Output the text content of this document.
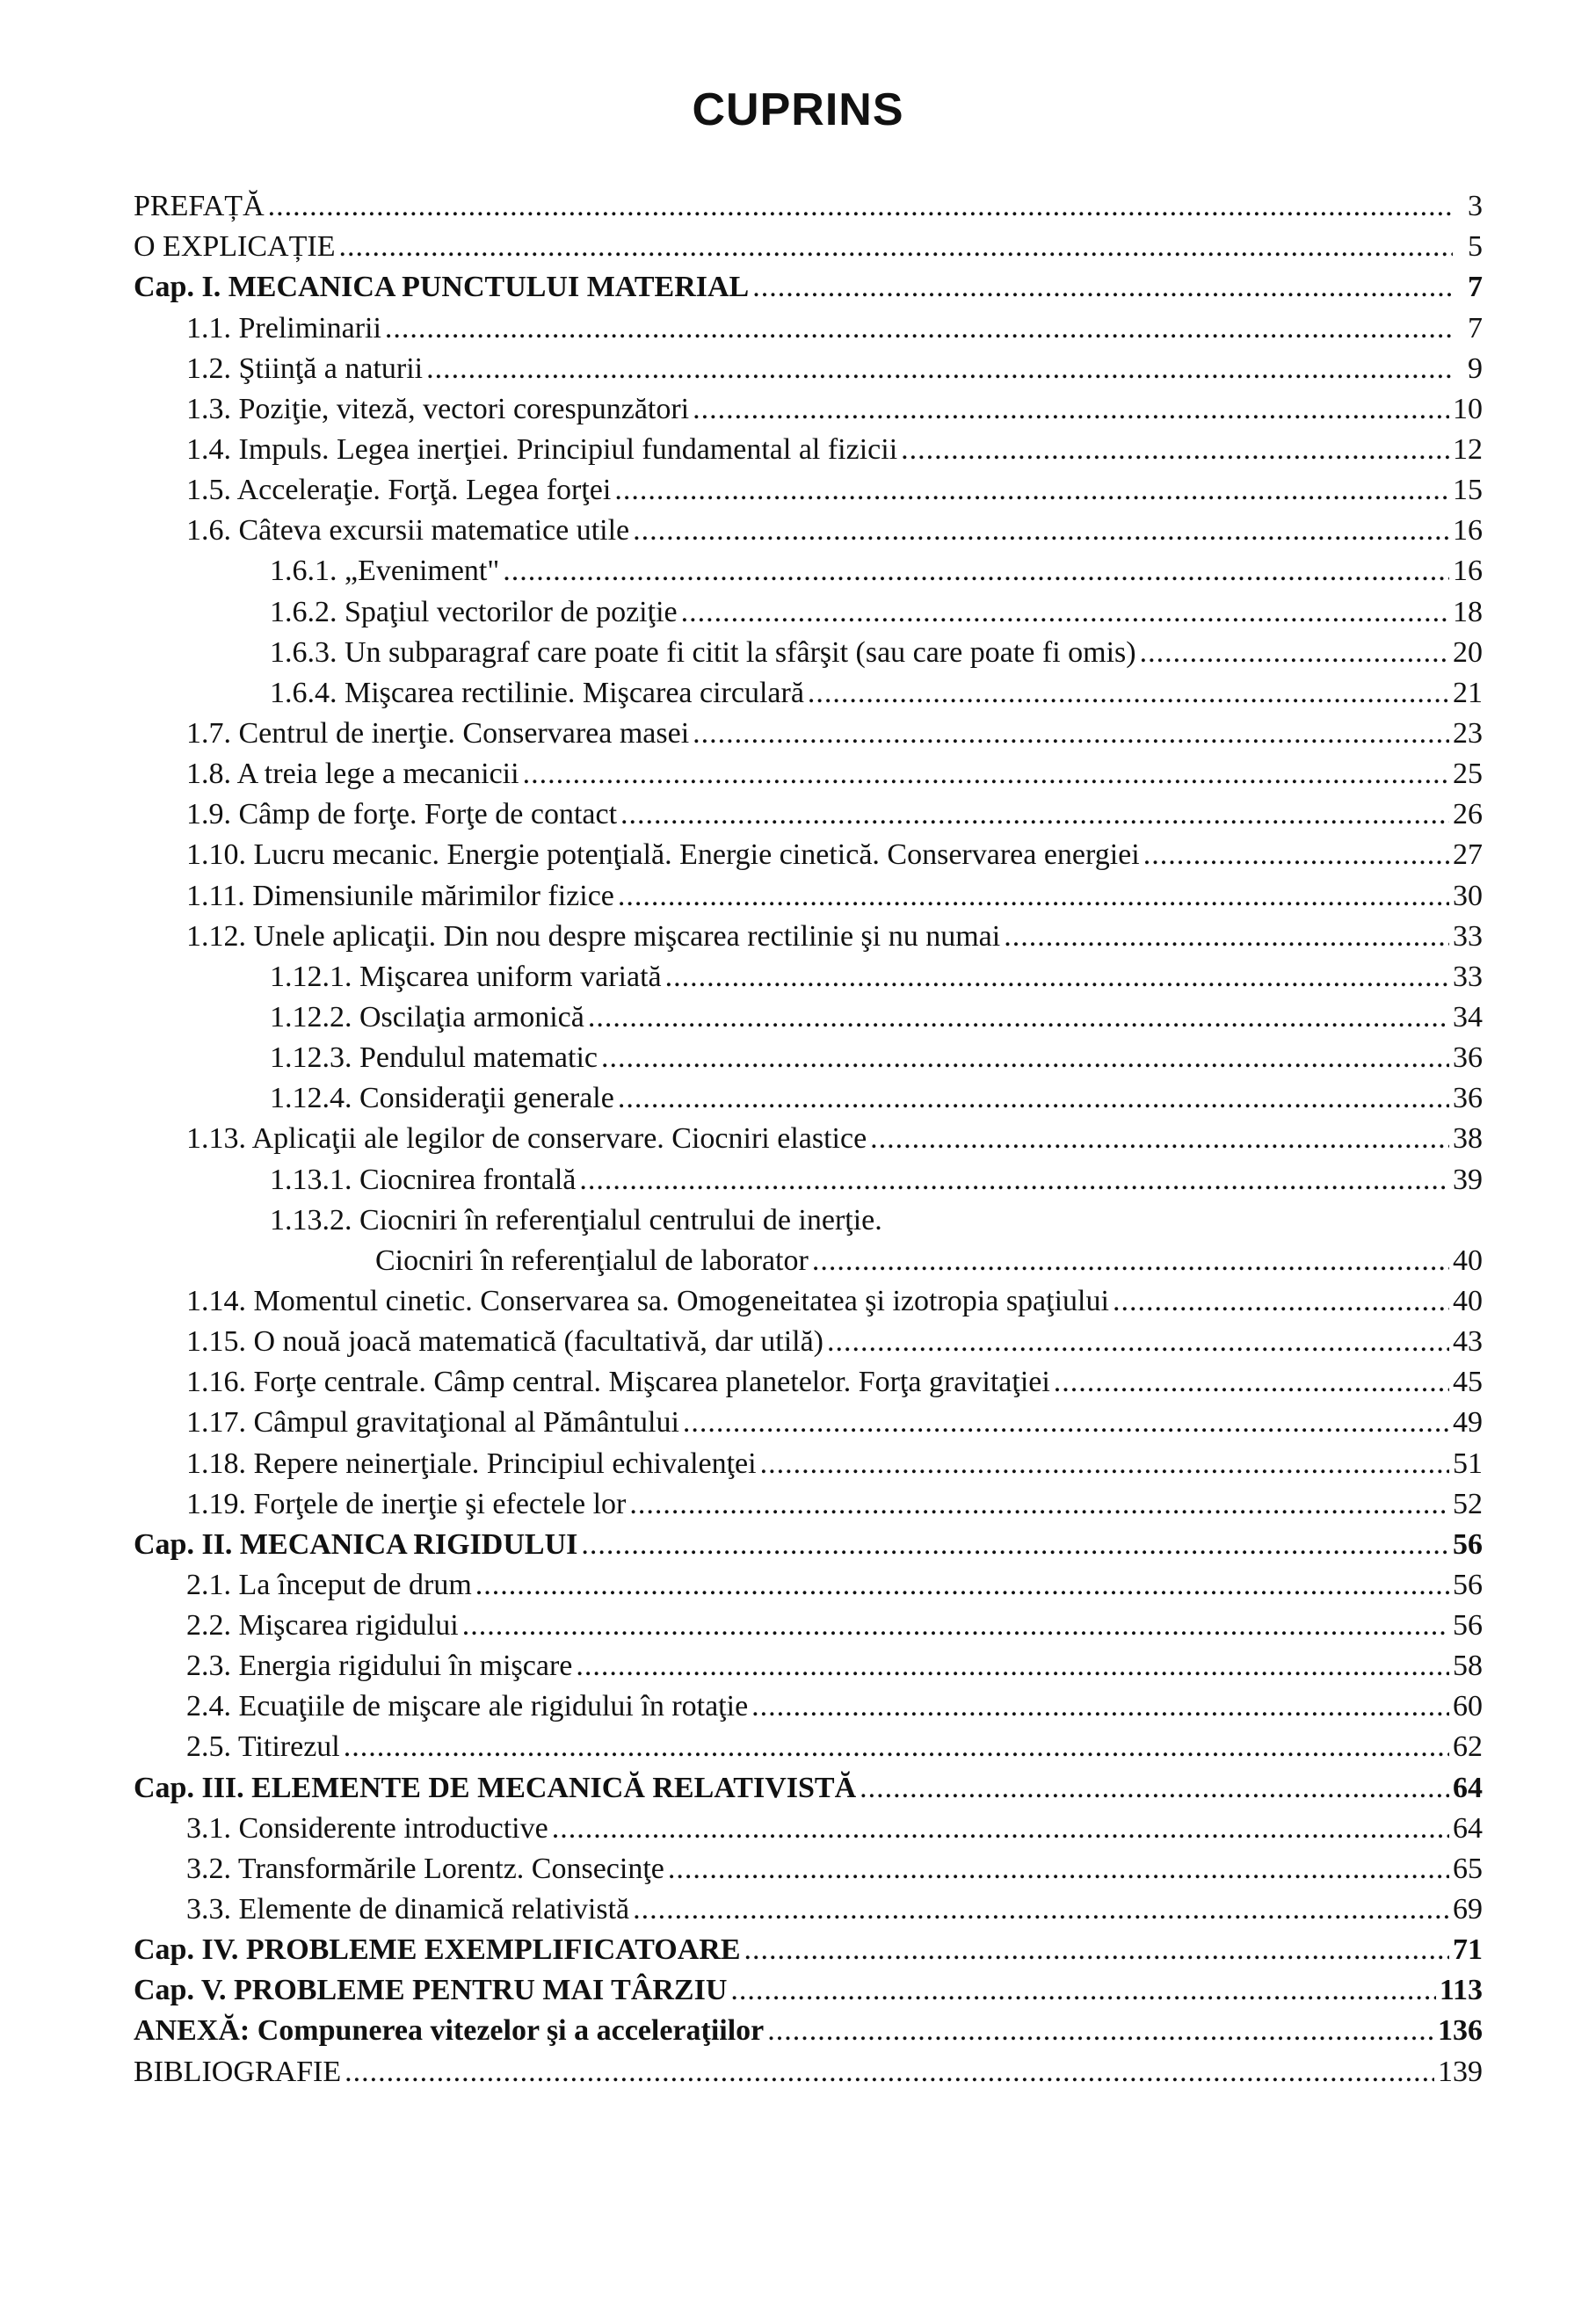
CUPRINS
PREFAȚĂ .....	3
O EXPLICAȚIE .....	5
Cap. I. MECANICA PUNCTULUI MATERIAL .....	7
1.1. Preliminarii .....	7
1.2. Ştiinţă a naturii .....	9
1.3. Poziţie, viteză, vectori corespunzători .....	10
1.4. Impuls. Legea inerţiei. Principiul fundamental al fizicii .....	12
1.5. Acceleraţie. Forţă. Legea forţei .....	15
1.6. Câteva excursii matematice utile .....	16
1.6.1. „Eveniment" .....	16
1.6.2. Spaţiul vectorilor de poziţie .....	18
1.6.3. Un subparagraf care poate fi citit la sfârşit (sau care poate fi omis) .....	20
1.6.4. Mişcarea rectilinie. Mişcarea circulară .....	21
1.7. Centrul de inerţie. Conservarea masei .....	23
1.8. A treia lege a mecanicii .....	25
1.9. Câmp de forţe. Forţe de contact .....	26
1.10. Lucru mecanic. Energie potenţială. Energie cinetică. Conservarea energiei .....	27
1.11. Dimensiunile mărimilor fizice .....	30
1.12. Unele aplicaţii. Din nou despre mişcarea rectilinie şi nu numai .....	33
1.12.1. Mişcarea uniform variată .....	33
1.12.2. Oscilaţia armonică .....	34
1.12.3. Pendulul matematic .....	36
1.12.4. Consideraţii generale .....	36
1.13. Aplicaţii ale legilor de conservare. Ciocniri elastice .....	38
1.13.1. Ciocnirea frontală .....	39
1.13.2. Ciocniri în referenţialul centrului de inerţie.
Ciocniri în referenţialul de laborator .....	40
1.14. Momentul cinetic. Conservarea sa. Omogeneitatea şi izotropia spaţiului .....	40
1.15. O nouă joacă matematică (facultativă, dar utilă) .....	43
1.16. Forţe centrale. Câmp central. Mişcarea planetelor. Forţa gravitaţiei .....	45
1.17. Câmpul gravitaţional al Pământului .....	49
1.18. Repere neinerţiale. Principiul echivalenţei .....	51
1.19. Forţele de inerţie şi efectele lor .....	52
Cap. II. MECANICA RIGIDULUI .....	56
2.1. La început de drum .....	56
2.2. Mişcarea rigidului .....	56
2.3. Energia rigidului în mişcare .....	58
2.4. Ecuaţiile de mişcare ale rigidului în rotaţie .....	60
2.5. Titirezul .....	62
Cap. III. ELEMENTE DE MECANICĂ RELATIVISTĂ .....	64
3.1. Considerente introductive .....	64
3.2. Transformările Lorentz. Consecinţe .....	65
3.3. Elemente de dinamică relativistă .....	69
Cap. IV. PROBLEME EXEMPLIFICATOARE .....	71
Cap. V. PROBLEME PENTRU MAI TÂRZIU .....	113
ANEXĂ: Compunerea vitezelor şi a acceleraţiilor .....	136
BIBLIOGRAFIE .....	139
